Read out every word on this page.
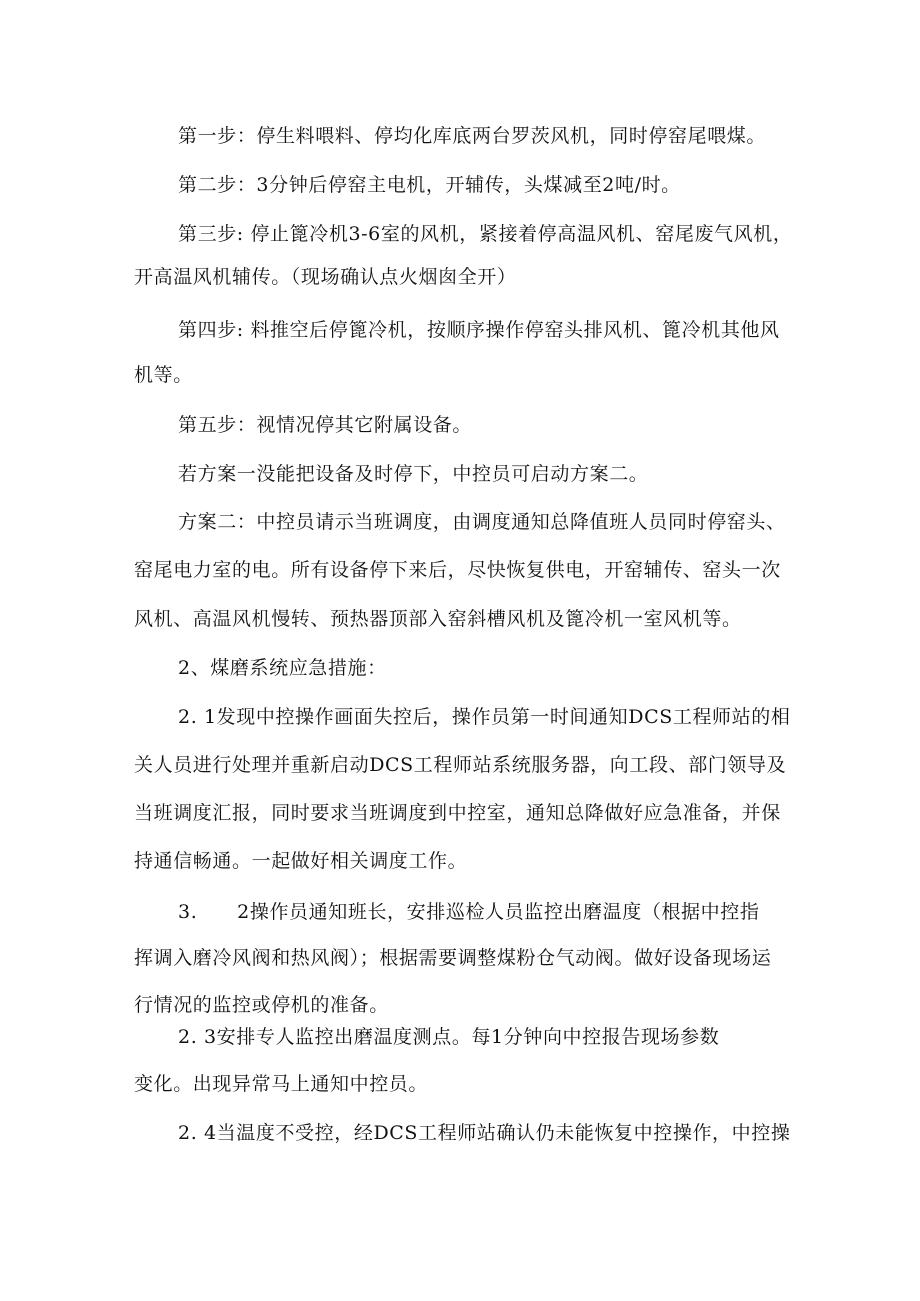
第一步：停生料喂料、停均化库底两台罗茨风机，同时停窑尾喂煤。
第二步：3分钟后停窑主电机，开辅传，头煤减至2吨/时。
第三步: 停止篦冷机3-6室的风机，紧接着停高温风机、窑尾废气风机，
开高温风机辅传。（现场确认点火烟囱全开）
第四步: 料推空后停篦冷机，按顺序操作停窑头排风机、篦冷机其他风
机等。
第五步：视情况停其它附属设备。
若方案一没能把设备及时停下，中控员可启动方案二。
方案二：中控员请示当班调度，由调度通知总降值班人员同时停窑头、
窑尾电力室的电。所有设备停下来后，尽快恢复供电，开窑辅传、窑头一次
风机、高温风机慢转、预热器顶部入窑斜槽风机及篦冷机一室风机等。
2、煤磨系统应急措施：
2. 1发现中控操作画面失控后，操作员第一时间通知DCS工程师站的相
关人员进行处理并重新启动DCS工程师站系统服务器，向工段、部门领导及
当班调度汇报，同时要求当班调度到中控室，通知总降做好应急准备，并保
持通信畅通。一起做好相关调度工作。
3.      2操作员通知班长，安排巡检人员监控出磨温度（根据中控指
挥调入磨冷风阀和热风阀）；根据需要调整煤粉仓气动阀。做好设备现场运
行情况的监控或停机的准备。
2. 3安排专人监控出磨温度测点。每1分钟向中控报告现场参数
变化。出现异常马上通知中控员。
2. 4当温度不受控，经DCS工程师站确认仍未能恢复中控操作，中控操
